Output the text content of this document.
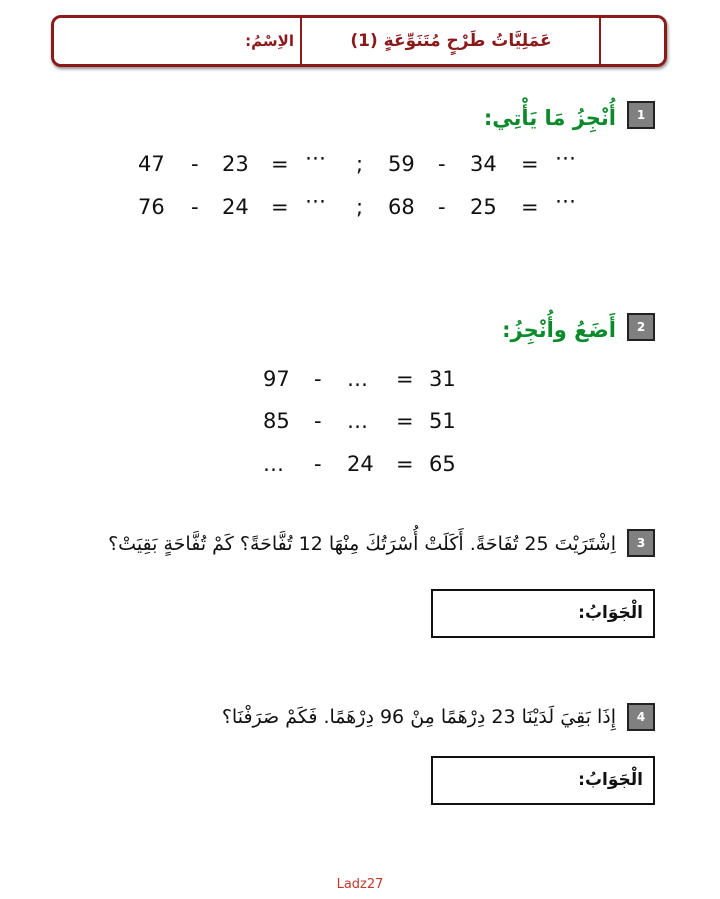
الاِسْمُ:	عَمَلِيَّاتُ طَرْحٍ مُتَنَوِّعَةٍ (1)
1
أُنْجِزُ مَا يَأْتِي:
47 - 23 = ⋯ ; 59 - 34 = ⋯
76 - 24 = ⋯ ; 68 - 25 = ⋯
2
أَضَعُ وأُنْجِزُ:
97 - … = 31
85 - … = 51
… - 24 = 65
3
اِشْتَرَيْتَ 25 تُفَاحَةً. أَكَلَتْ أُسْرَتُكَ مِنْهَا 12 تُفَّاحَةً؟ كَمْ تُفَّاحَةٍ بَقِيَتْ؟
الْجَوَابُ:
4
إِذَا بَقِيَ لَدَيْنَا 23 دِرْهَمًا مِنْ 96 دِرْهَمًا. فَكَمْ صَرَفْنَا؟
الْجَوَابُ:
Ladz27
